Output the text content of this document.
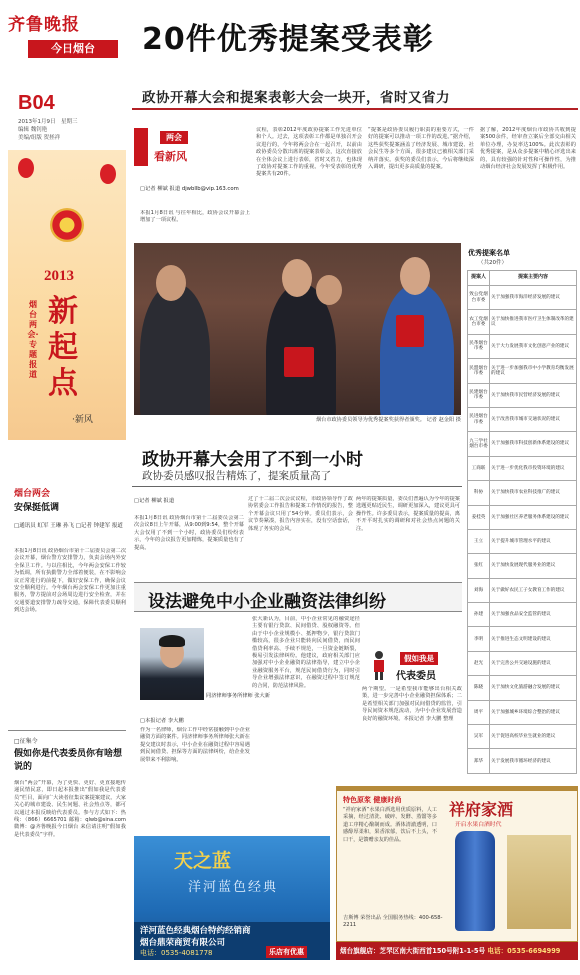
齐鲁晚报
今日烟台
B04
2013年1月9日　星期三
编辑 魏钊艳
美编/组版 贺拯祥
2013
烟台两会·专题报道
新
起
点
·新风
烟台两会
安保挺低调
□通讯员 虹军 王琳 孙飞 □记者 钟建军 报道
本报1月8日讯 政协烟台市第十二届委员会第二次会议开幕，烟台警方安排警力，负责会场内外安全保卫工作。与以往相比，今年两会安保工作较为低调，所有执勤警力全部着便装，在不影响会议正常进行的前提下，做好安保工作，确保会议安全顺利进行。今年烟台两会安保工作更加注重服务，警方提前对会场周边进行安全检查，并在交通要道安排警力疏导交通，保障代表委员顺利到达会场。
□征集令
假如你是代表委员你有啥想说的
烟台“两会”开幕，为了更快、更好、更直接地传递民情民意，即日起本报推出“假如我是代表委员”栏目，面向广大读者征集议案提案建议。大家关心的城市建设、民生问题、社会热点等，都可以通过本报反映给代表委员。参与方式如下：热线：（866）6665701 邮箱：qlwb@sina.com 微博：@齐鲁晚报今日烟台 来信请注明“假如我是代表委员”字样。
20件优秀提案受表彰
政协开幕大会和提案表彰大会一块开，省时又省力
两会
看新风
□记者 柳斌 报道 djwbllb@vip.163.com
本报1月8日讯 与往年相比，政协会议开幕会上增加了一项议程。
议程，表彰2012年度政协提案工作先进单位和个人。过去，这项表彰工作都是单独召开会议进行的，今年将两会合在一起召开，以前由政协委员分散出席的提案表彰会，这次直接放在全体会议上进行表彰，省时又省力，也体现了政协对提案工作的重视。今年受表彰的优秀提案共有20件。
“提案是政协委员履行职责的重要方式，一件好的提案可以推动一项工作的改进。”据介绍，这些获奖提案涵盖了经济发展、城市建设、社会民生等多个方面，很多建议已被相关部门采纳并落实。获奖的委员们表示，今后将继续深入调研，提出更多高质量的提案。
据了解，2012年度烟台市政协共收到提案500余件，经审查立案后全部交由相关单位办理，办复率达100%。此次表彰的优秀提案，是从众多提案中精心评选出来的，具有较强的针对性和可操作性，为推动烟台经济社会发展发挥了积极作用。
烟台市政协委员领导为优秀提案奖获得者颁奖。 记者 赵金阳 摄
优秀提案名单
（共20件）
提案人	提案主要内容
致公党烟台市委	关于加强我市海洋经济发展的建议
农工党烟台市委	关于加快推进我市医疗卫生体制改革的建议
民革烟台市委	关于大力发展我市文化创意产业的建议
民盟烟台市委	关于进一步加强我市中小学教育均衡发展的建议
民建烟台市委	关于加快我市民营经济发展的建议
民进烟台市委	关于改善我市城市交通状况的建议
九三学社烟台市委	关于加强我市科技创新体系建设的建议
工商联	关于进一步优化我市投资环境的建议
科协	关于加快我市农业科技推广的建议
姜桂英	关于加强社区养老服务体系建设的建议
王立	关于提升城市管理水平的建议
张红	关于加快发展现代服务业的建议
刘海	关于做好农民工子女教育工作的建议
孙建	关于加强食品安全监管的建议
李明	关于推进生态文明建设的建议
赵光	关于完善公共交通设施的建议
陈晓	关于加快文化旅游融合发展的建议
周平	关于加强城乡环境综合整治的建议
吴军	关于促进高校毕业生就业的建议
郑华	关于发展我市循环经济的建议
政协开幕大会用了不到一小时
政协委员感叹报告精炼了，提案质量高了
□记者 柳斌 报道
本报1月8日讯 政协烟台市第十二届委员会第二次会议8日上午开幕，从9:00到9:54，整个开幕大会仅用了不到一个小时，政协委员们纷纷表示，今年的会议报告更加精炼，提案质量也有了提高。
过了十二届二次会议议程，市政协领导作了政协常委会工作报告和提案工作情况的报告，整个开幕会议只用了54分钟。委员们表示，会议节奏紧凑，报告内容实在，没有空话套话，体现了务实的会风。
两年的提案质量，委员们普遍认为今年的提案选题更贴近民生，调研更加深入，建议更具可操作性。许多委员表示，提案质量的提高，离不开平时扎实的调研和对社会热点问题的关注。
设法避免中小企业融资法律纠纷
同济律师事务所律师 张大新
□本报记者 李大鹏
作为一名律师，烟台工作中经常接触到中小企业融资方面的案件。同济律师事务所律师张大新在提交建议时表示，中小企业在融资过程中容易遇到民间借贷、担保等方面的法律纠纷，给企业发展带来不利影响。
张大新认为，目前，中小企业常见的融资途径主要有银行贷款、民间借贷、股权融资等。但由于中小企业规模小、抵押物少，银行贷款门槛较高，很多企业只能转向民间借贷，而民间借贷利率高、手续不规范，一旦资金链断裂，极易引发法律纠纷。他建议，政府相关部门应加强对中小企业融资的法律指导，建立中小企业融资服务平台，规范民间借贷行为，同时引导企业增强法律意识，在融资过程中签订规范的合同，防范法律风险。
假如我是
代表委员
两个期望。一是希望我市能够出台相关政策，进一步完善中小企业融资担保体系；二是希望相关部门加强对民间借贷的监管，引导民间资本规范流动，为中小企业发展营造良好的融资环境。本报记者 李大鹏 整理
天之蓝
洋河蓝色经典
洋河蓝色经典烟台特约经销商
烟台鼎荣商贸有限公司
电话：0535-4081778	乐店有优惠
特色原浆 健康时尚
“祥府家酒”水果白酒选用优质原料，人工采摘，经过清洗、破碎、发酵、蒸馏等多道工序精心酿制而成。酒体清澈透明，口感醇厚柔和，果香浓郁，饮后不上头，不口干，是馈赠亲友的佳品。
祥府家酒
开启水果白酒时代
吉斯博 荣誉出品 全国服务热线：400-658-2211
烟台旗舰店：芝罘区南大街西首150号附1-1-5号 电话：0535-6694999
